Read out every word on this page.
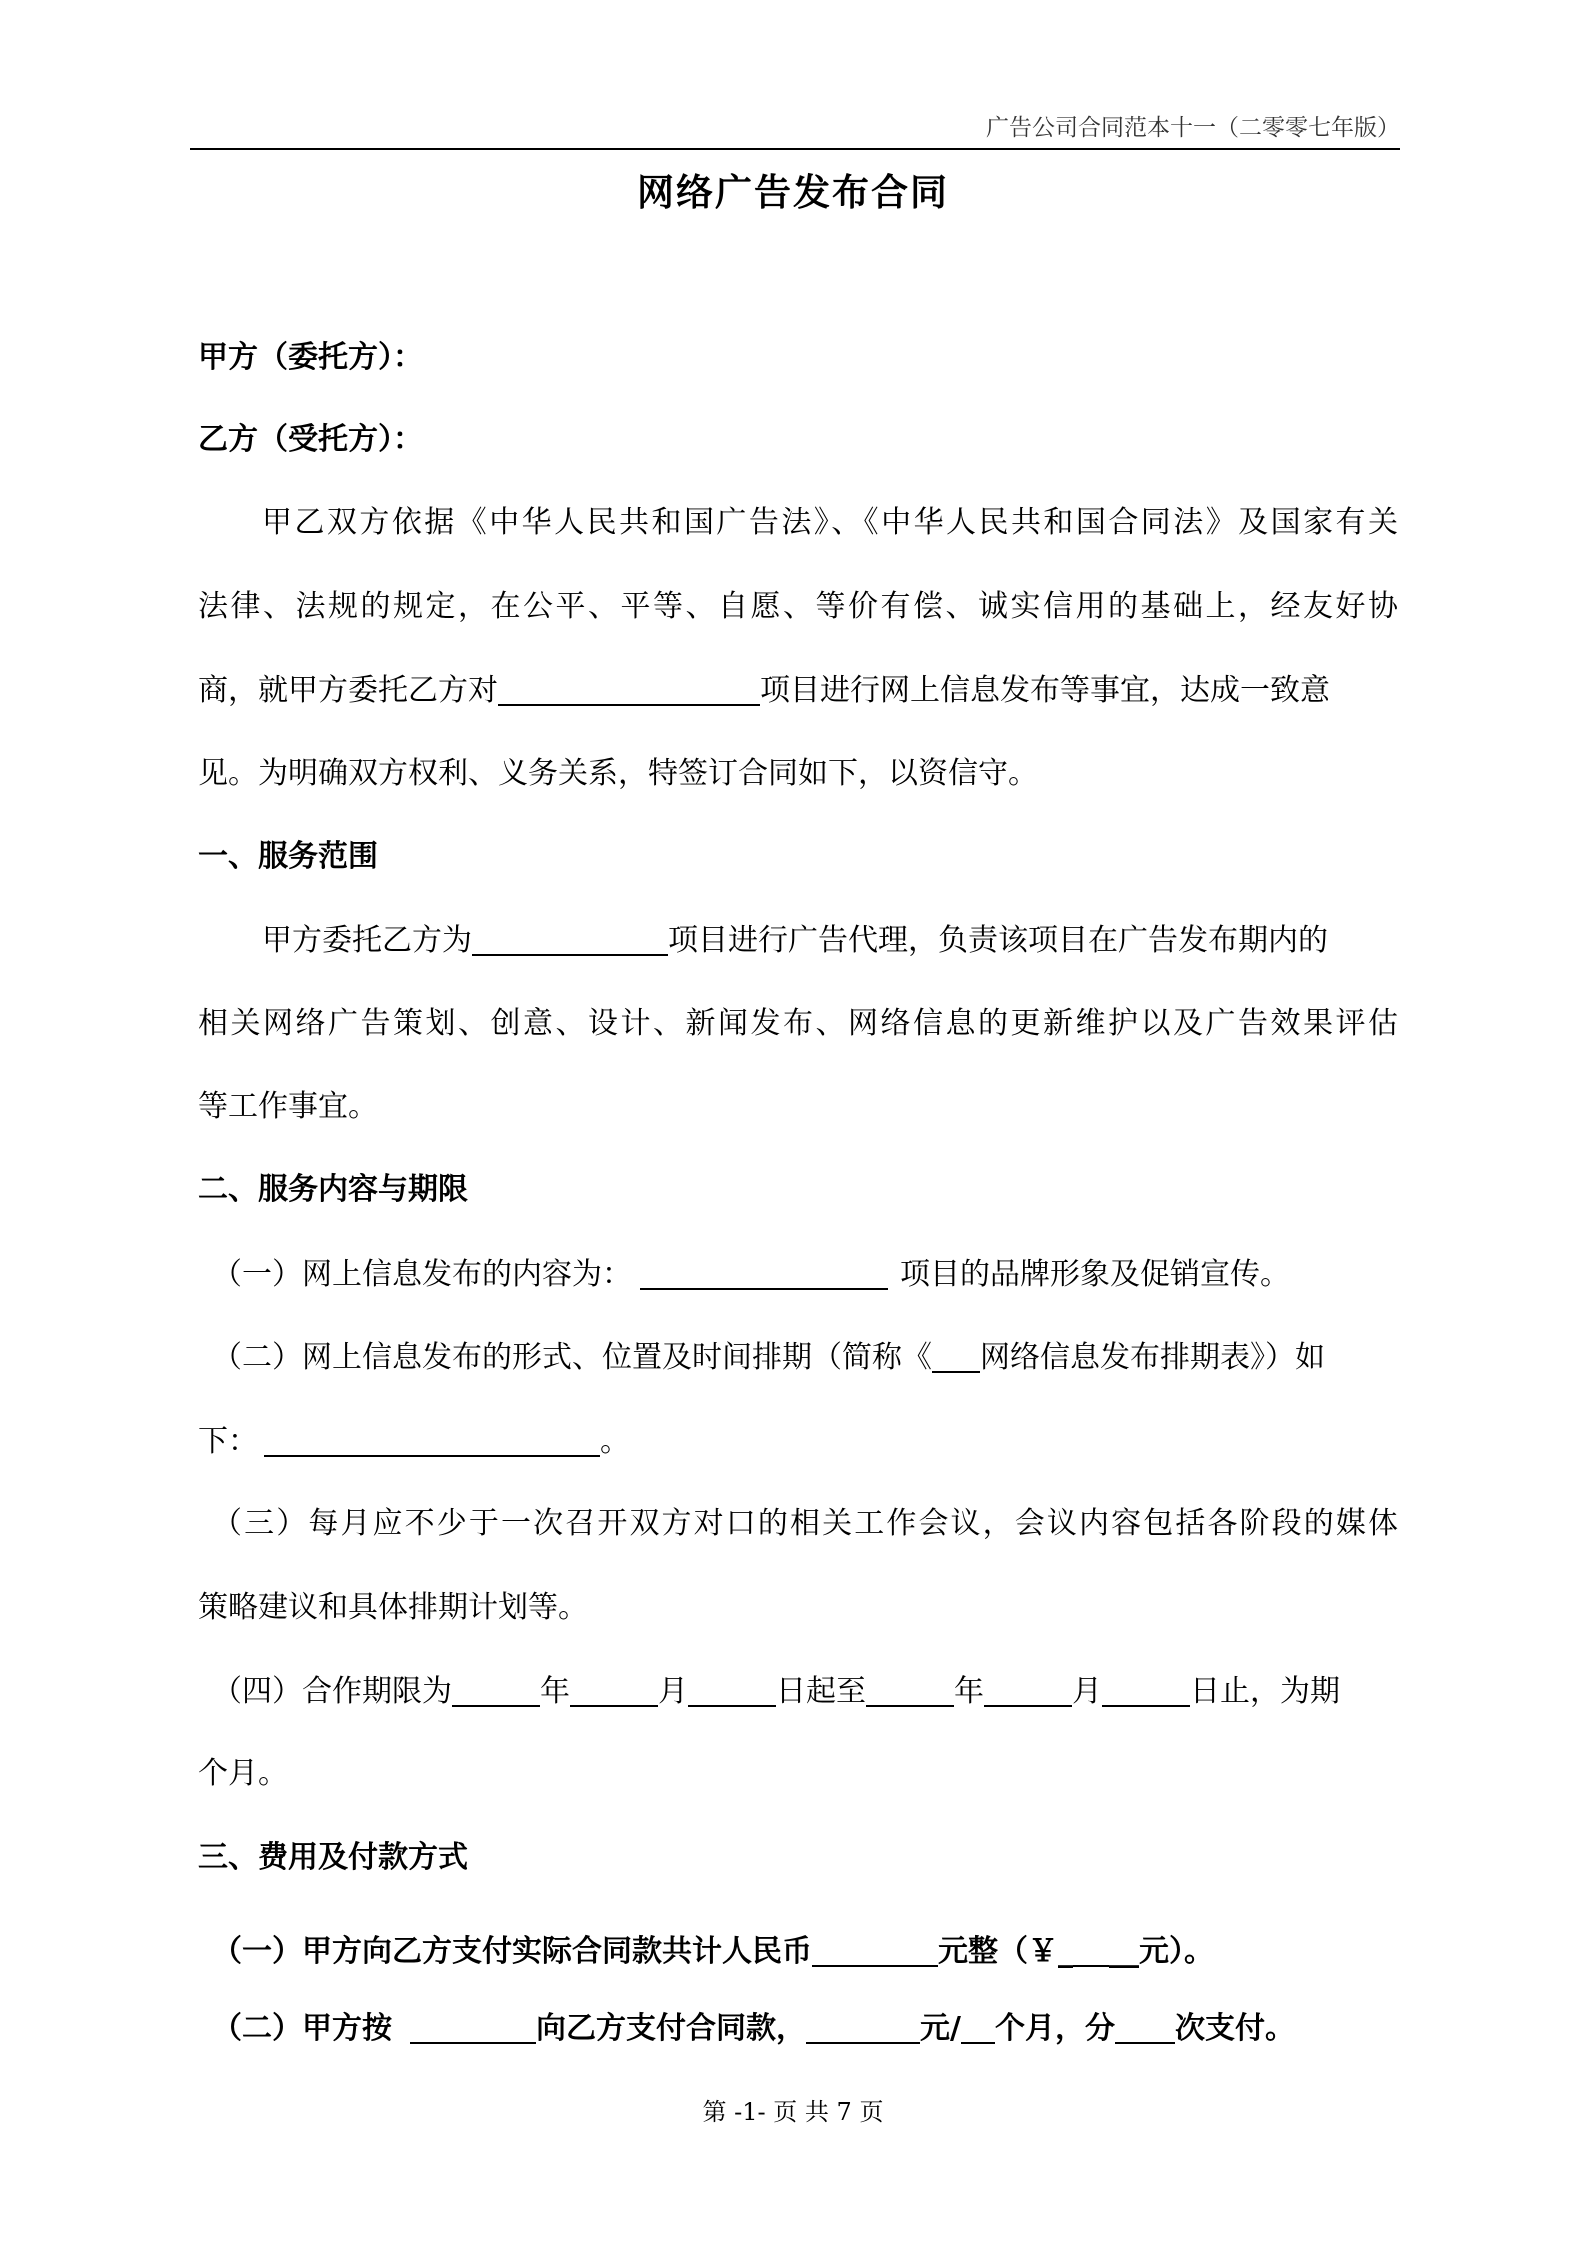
广告公司合同范本十一（二零零七年版）
网络广告发布合同
甲方（委托方）：
乙方（受托方）：
甲乙双方依据《中华人民共和国广告法》、《中华人民共和国合同法》及国家有关
法律、法规的规定，在公平、平等、自愿、等价有偿、诚实信用的基础上，经友好协
商，就甲方委托乙方对	项目进行网上信息发布等事宜，达成一致意
见。为明确双方权利、义务关系，特签订合同如下，以资信守。
一、服务范围
甲方委托乙方为	项目进行广告代理，负责该项目在广告发布期内的
相关网络广告策划、创意、设计、新闻发布、网络信息的更新维护以及广告效果评估
等工作事宜。
二、服务内容与期限
（一）网上信息发布的内容为：	项目的品牌形象及促销宣传。
（二）网上信息发布的形式、位置及时间排期（简称《 网络信息发布排期表》）如
下：	。
（三）每月应不少于一次召开双方对口的相关工作会议，会议内容包括各阶段的媒体
策略建议和具体排期计划等。
（四）合作期限为	年	月	日起至	年	月	日止，为期
个月。
三、费用及付款方式
（一）甲方向乙方支付实际合同款共计人民币	元整（￥_ __元）。
（二）甲方按	向乙方支付合同款，	元/ 个月，分 次支付。
第 -1- 页 共 7 页
